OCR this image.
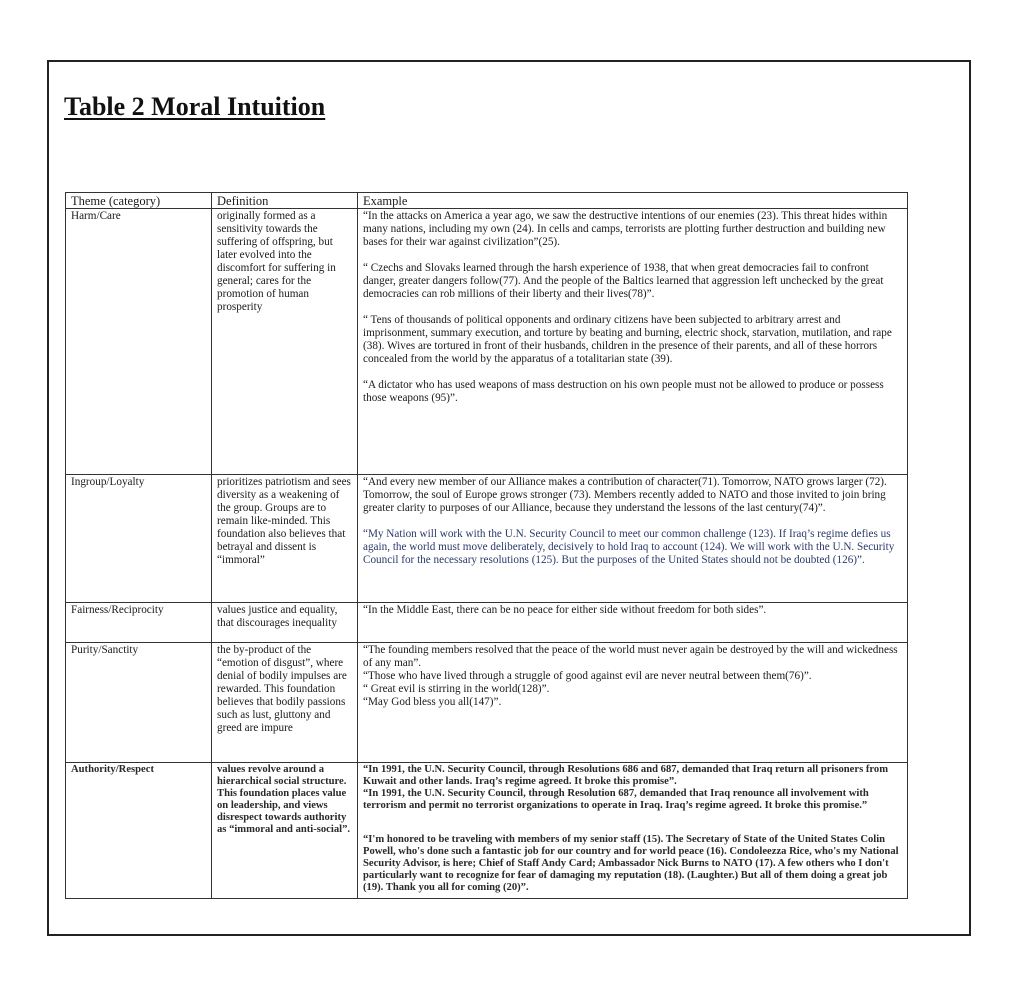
Table 2 Moral Intuition
Theme (category)	Definition	Example
Harm/Care	originally formed as a sensitivity towards the suffering of offspring, but later evolved into the discomfort for suffering in general; cares for the promotion of human prosperity	“In the attacks on America a year ago, we saw the destructive intentions of our enemies (23). This threat hides within many nations, including my own (24). In cells and camps, terrorists are plotting further destruction and building new bases for their war against civilization”(25).

“ Czechs and Slovaks learned through the harsh experience of 1938, that when great democracies fail to confront danger, greater dangers follow(77). And the people of the Baltics learned that aggression left unchecked by the great democracies can rob millions of their liberty and their lives(78)”.

“ Tens of thousands of political opponents and ordinary citizens have been subjected to arbitrary arrest and imprisonment, summary execution, and torture by beating and burning, electric shock, starvation, mutilation, and rape (38). Wives are tortured in front of their husbands, children in the presence of their parents, and all of these horrors concealed from the world by the apparatus of a totalitarian state (39).

“A dictator who has used weapons of mass destruction on his own people must not be allowed to produce or possess those weapons (95)”.

Ingroup/Loyalty	prioritizes patriotism and sees diversity as a weakening of the group. Groups are to remain like-minded. This foundation also believes that betrayal and dissent is “immoral”	“And every new member of our Alliance makes a contribution of character(71). Tomorrow, NATO grows larger (72). Tomorrow, the soul of Europe grows stronger (73). Members recently added to NATO and those invited to join bring greater clarity to purposes of our Alliance, because they understand the lessons of the last century(74)”.

“My Nation will work with the U.N. Security Council to meet our common challenge (123). If Iraq’s regime defies us again, the world must move deliberately, decisively to hold Iraq to account (124). We will work with the U.N. Security Council for the necessary resolutions (125). But the purposes of the United States should not be doubted (126)”.

Fairness/Reciprocity	values justice and equality, that discourages inequality	“In the Middle East, there can be no peace for either side without freedom for both sides”.

Purity/Sanctity	the by-product of the “emotion of disgust”, where denial of bodily impulses are rewarded. This foundation believes that bodily passions such as lust, gluttony and greed are impure	“The founding members resolved that the peace of the world must never again be destroyed by the will and wickedness of any man”.

“Those who have lived through a struggle of good against evil are never neutral between them(76)”.

“ Great evil is stirring in the world(128)”.

“May God bless you all(147)”.

Authority/Respect	values revolve around a hierarchical social structure. This foundation places value on leadership, and views disrespect towards authority as “immoral and anti-social”.	“In 1991, the U.N. Security Council, through Resolutions 686 and 687, demanded that Iraq return all prisoners from Kuwait and other lands. Iraq’s regime agreed. It broke this promise”.

“In 1991, the U.N. Security Council, through Resolution 687, demanded that Iraq renounce all involvement with terrorism and permit no terrorist organizations to operate in Iraq. Iraq’s regime agreed. It broke this promise.”

“I'm honored to be traveling with members of my senior staff (15). The Secretary of State of the United States Colin Powell, who's done such a fantastic job for our country and for world peace (16). Condoleezza Rice, who's my National Security Advisor, is here; Chief of Staff Andy Card; Ambassador Nick Burns to NATO (17). A few others who I don't particularly want to recognize for fear of damaging my reputation (18). (Laughter.) But all of them doing a great job (19). Thank you all for coming (20)”.
